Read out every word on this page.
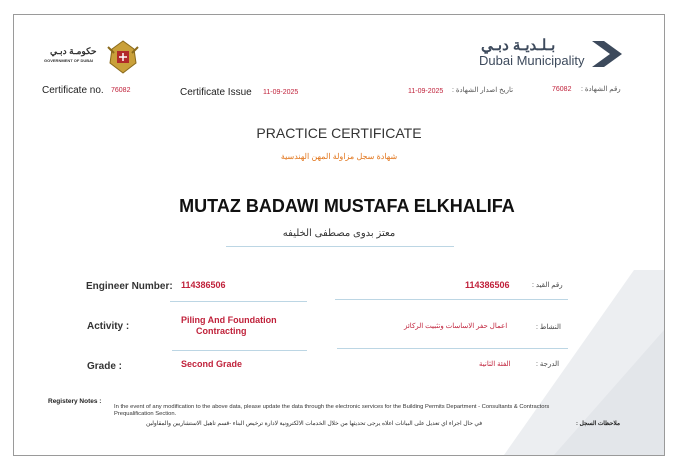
حكومـة دبـي
GOVERNMENT OF DUBAI
بـلـديـة دبـي
Dubai Municipality
Certificate no. 76082	Certificate Issue 11-09-2025	11-09-2025 تاريخ اصدار الشهادة :	76082 رقم الشهادة :
PRACTICE CERTIFICATE
شهادة سجل مزاولة المهن الهندسية
MUTAZ BADAWI MUSTAFA ELKHALIFA
معتز بدوى مصطفى الخليفه
Engineer Number: 114386506	114386506	رقم القيد :
Activity :
Piling And Foundation
Contracting	اعمال حفر الاساسات وتثبيت الركائز	النشاط :
Grade :	Second Grade	الفئة الثانية	الدرجة :
Registery Notes :
In the event of any modification to the above data, please update the data through the electronic services for the Building Permits Department - Consultants & Contractors
Prequalification Section.
في حال اجراء اي تعديل على البيانات اعلاه يرجى تحديثها من خلال الخدمات الالكترونية لادارة ترخيص البناء -قسم تاهيل الاستشاريين والمقاولين	ملاحظات السجل :
